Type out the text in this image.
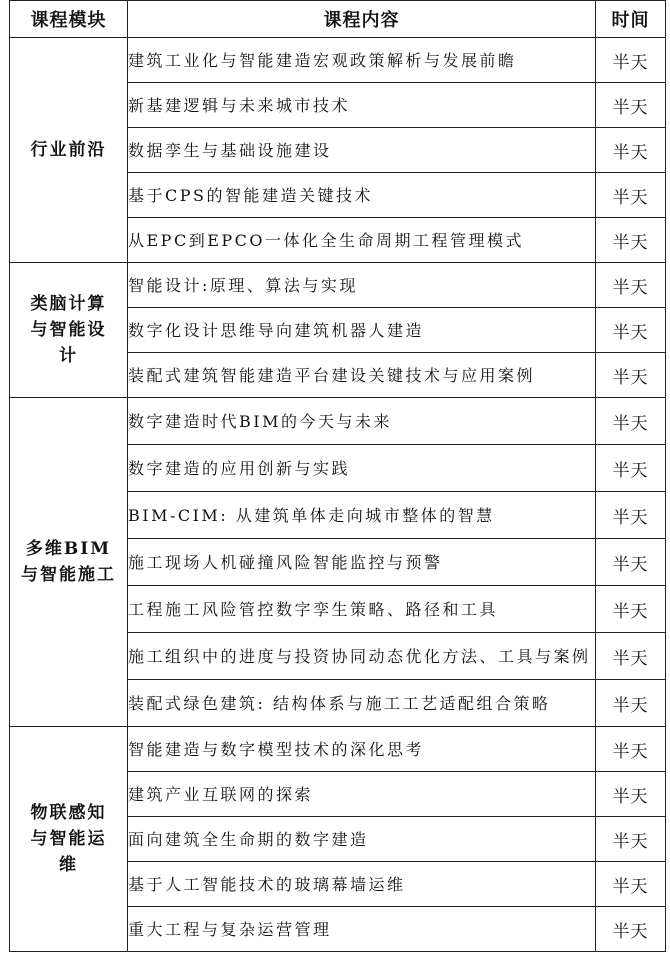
课程模块	课程内容	时间
行业前沿	建筑工业化与智能建造宏观政策解析与发展前瞻	半天
	新基建逻辑与未来城市技术	半天
	数据孪生与基础设施建设	半天
	基于CPS的智能建造关键技术	半天
	从EPC到EPCO一体化全生命周期工程管理模式	半天
类脑计算与智能设计	智能设计:原理、算法与实现	半天
	数字化设计思维导向建筑机器人建造	半天
	装配式建筑智能建造平台建设关键技术与应用案例	半天
多维BIM与智能施工	数字建造时代BIM的今天与未来	半天
	数字建造的应用创新与实践	半天
	BIM-CIM: 从建筑单体走向城市整体的智慧	半天
	施工现场人机碰撞风险智能监控与预警	半天
	工程施工风险管控数字孪生策略、路径和工具	半天
	施工组织中的进度与投资协同动态优化方法、工具与案例	半天
	装配式绿色建筑: 结构体系与施工工艺适配组合策略	半天
物联感知与智能运维	智能建造与数字模型技术的深化思考	半天
	建筑产业互联网的探索	半天
	面向建筑全生命期的数字建造	半天
	基于人工智能技术的玻璃幕墙运维	半天
	重大工程与复杂运营管理	半天
